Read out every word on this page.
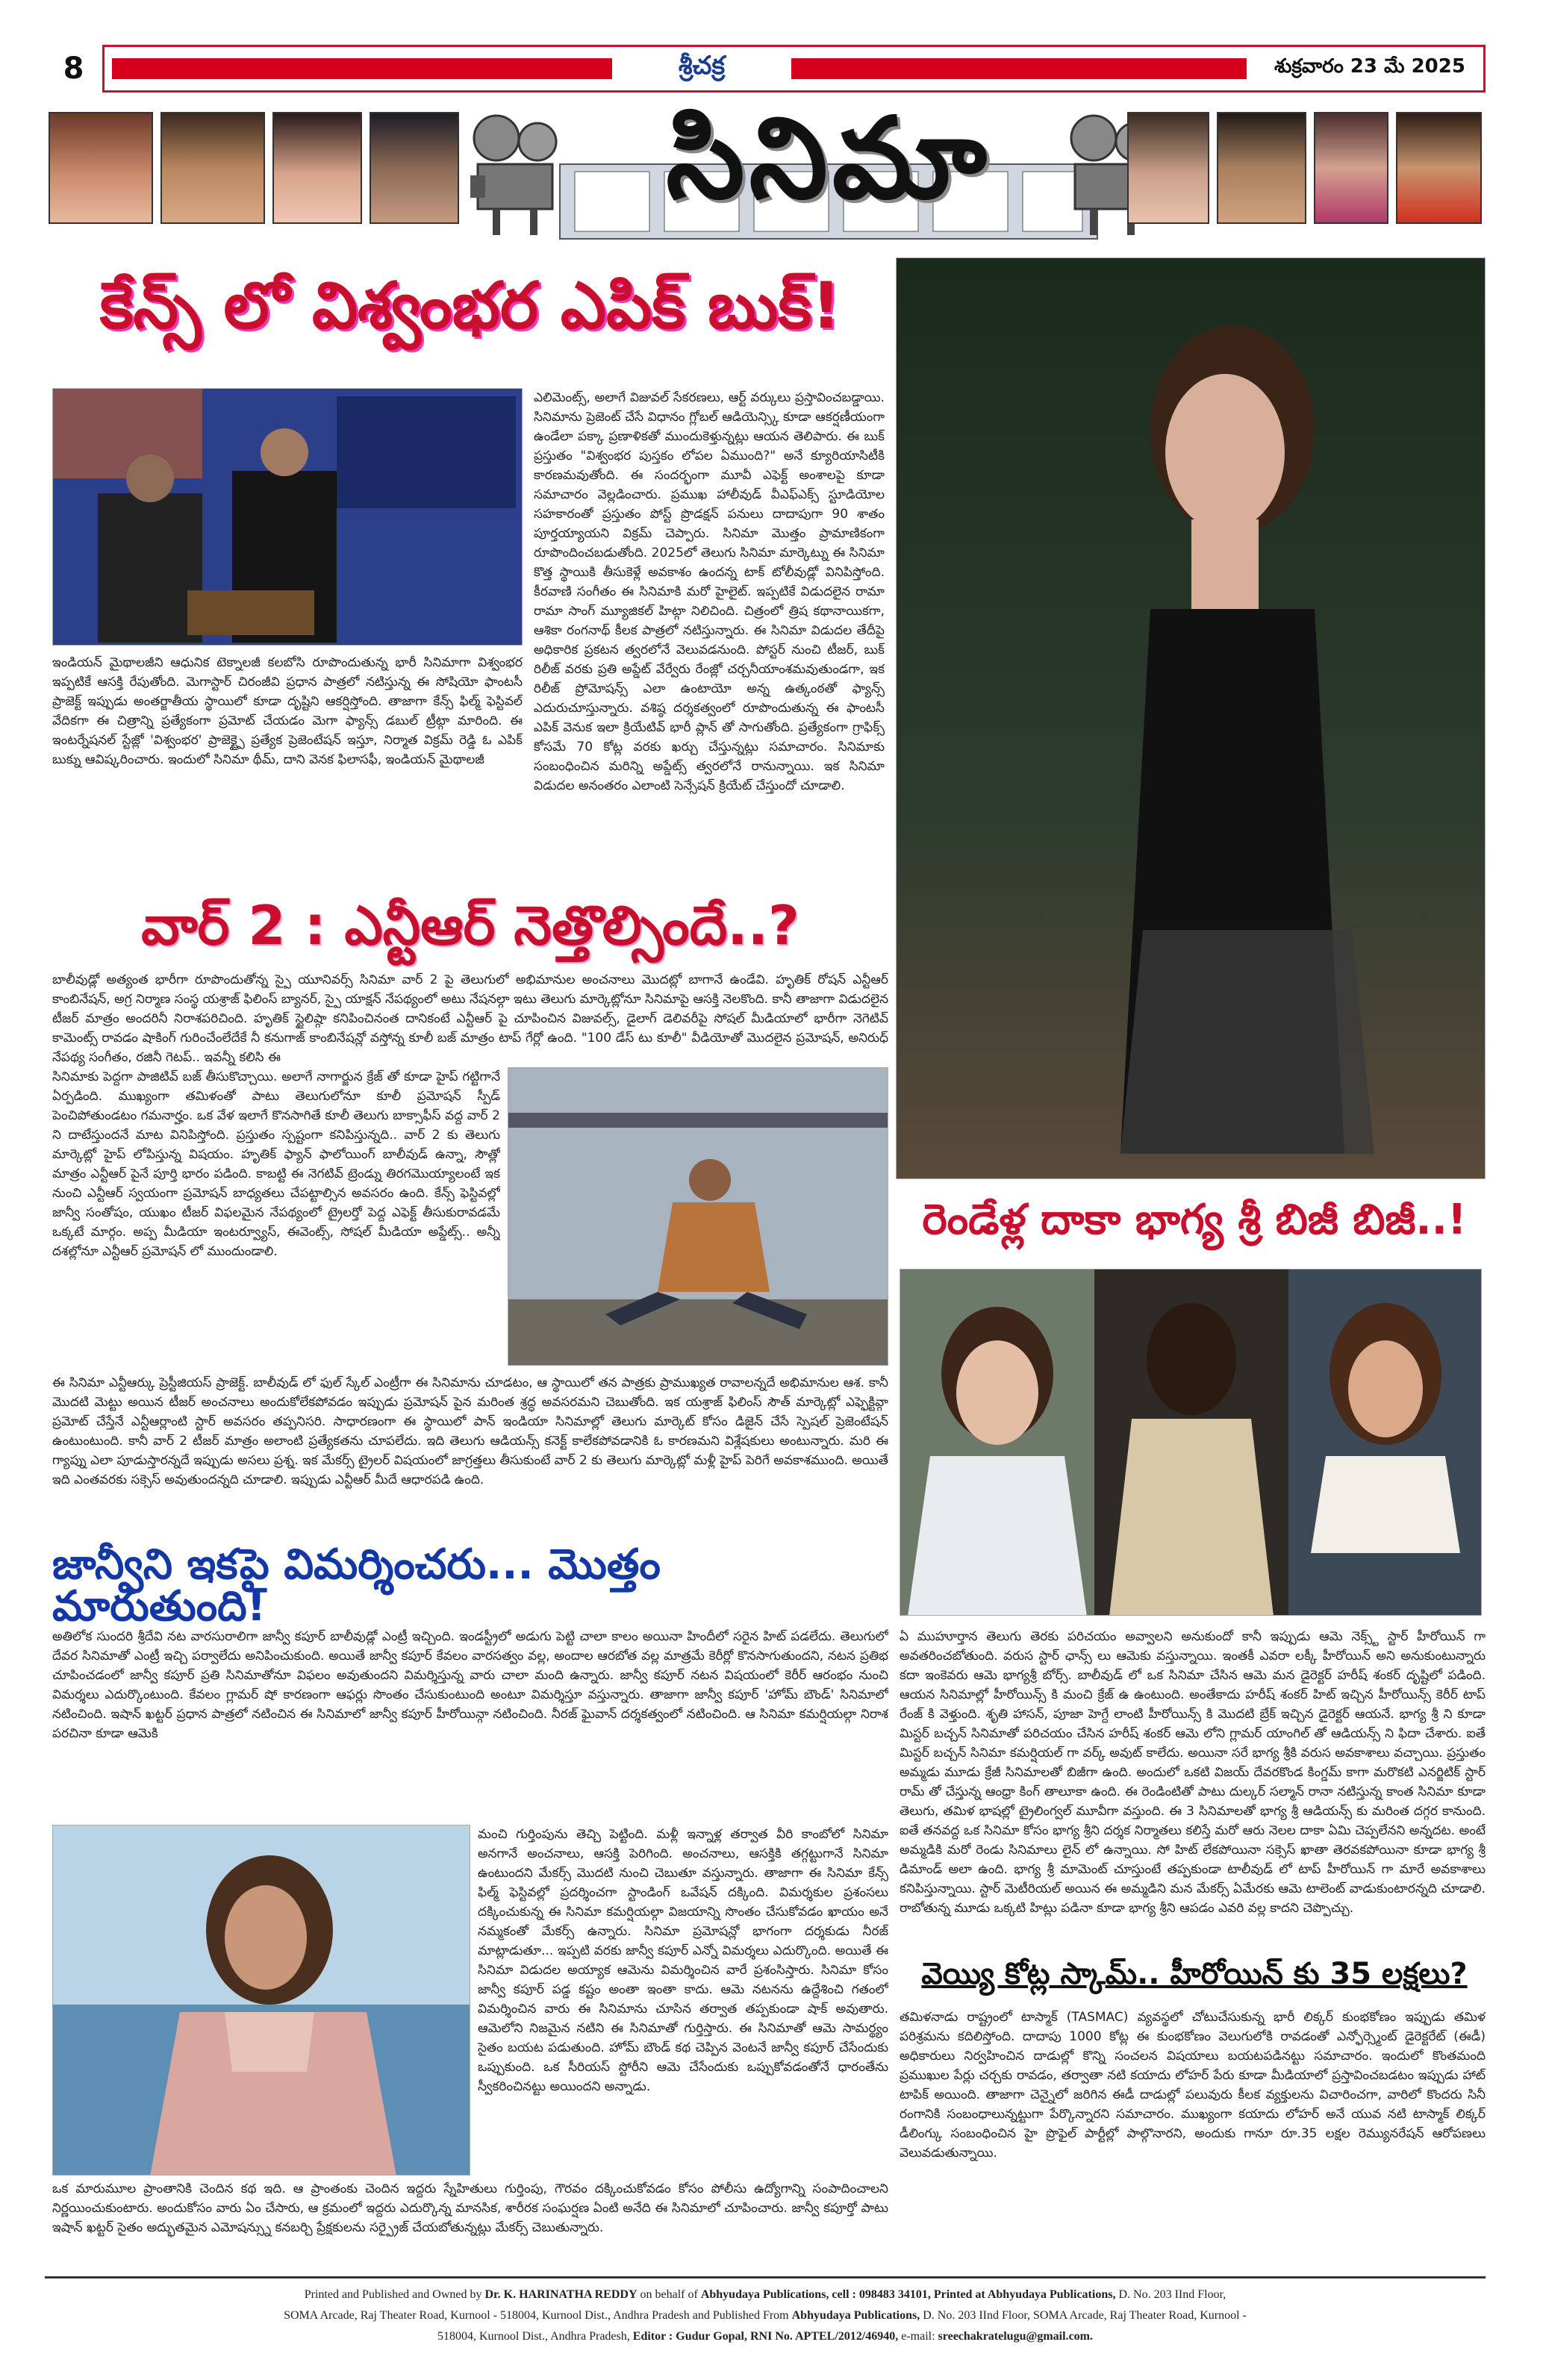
8	శ్రీచక్ర	శుక్రవారం 23 మే 2025
సినిమా
కేన్స్ లో విశ్వంభర ఎపిక్ బుక్!
ఇండియన్ మైథాలజీని ఆధునిక టెక్నాలజీ కలబోసి రూపొందుతున్న భారీ సినిమాగా విశ్వంభర ఇప్పటికే ఆసక్తి రేపుతోంది. మెగాస్టార్ చిరంజీవి ప్రధాన పాత్రలో నటిస్తున్న ఈ సోషియో ఫాంటసీ ప్రాజెక్ట్ ఇప్పుడు అంతర్జాతీయ స్థాయిలో కూడా దృష్టిని ఆకర్షిస్తోంది. తాజాగా కేన్స్ ఫిల్మ్ ఫెస్టివల్ వేదికగా ఈ చిత్రాన్ని ప్రత్యేకంగా ప్రమోట్ చేయడం మెగా ఫ్యాన్స్ డబుల్ ట్రీట్గా మారింది. ఈ ఇంటర్నేషనల్ స్టేజ్లో 'విశ్వంభర' ప్రాజెక్ట్పై ప్రత్యేక ప్రెజెంటేషన్ ఇస్తూ, నిర్మాత విక్రమ్ రెడ్డి ఓ ఎపిక్ బుక్ను ఆవిష్కరించారు. ఇందులో సినిమా థీమ్, దాని వెనక ఫిలాసఫీ, ఇండియన్ మైథాలజీ
ఎలిమెంట్స్, అలాగే విజువల్ సేకరణలు, ఆర్ట్ వర్కులు ప్రస్తావించబడ్డాయి. సినిమాను ప్రెజెంట్ చేసే విధానం గ్లోబల్ ఆడియెన్స్కి కూడా ఆకర్షణీయంగా ఉండేలా పక్కా ప్రణాళికతో ముందుకెళ్తున్నట్లు ఆయన తెలిపారు. ఈ బుక్ ప్రస్తుతం "విశ్వంభర పుస్తకం లోపల ఏముంది?" అనే క్యూరియాసిటీకి కారణమవుతోంది. ఈ సందర్భంగా మూవీ ఎఫెక్ట్ అంశాలపై కూడా సమాచారం వెల్లడించారు. ప్రముఖ హాలీవుడ్ వీఎఫ్ఎక్స్ స్టూడియోల సహకారంతో ప్రస్తుతం పోస్ట్ ప్రొడక్షన్ పనులు దాదాపుగా 90 శాతం పూర్తయ్యాయని విక్రమ్ చెప్పారు. సినిమా మొత్తం ప్రామాణికంగా రూపొందించబడుతోంది. 2025లో తెలుగు సినిమా మార్కెట్ను ఈ సినిమా కొత్త స్థాయికి తీసుకెళ్లే అవకాశం ఉందన్న టాక్ టోలీవుడ్లో వినిపిస్తోంది. కీరవాణి సంగీతం ఈ సినిమాకి మరో హైలైట్. ఇప్పటికే విడుదలైన రామా రామా సాంగ్ మ్యూజికల్ హిట్గా నిలిచింది. చిత్రంలో త్రిష కథానాయికగా, ఆశికా రంగనాథ్ కీలక పాత్రలో నటిస్తున్నారు. ఈ సినిమా విడుదల తేదీపై అధికారిక ప్రకటన త్వరలోనే వెలువడనుంది. పోస్టర్ నుంచి టీజర్, బుక్ రిలీజ్ వరకు ప్రతి అప్డేట్ వేర్వేరు రేంజ్లో చర్చనీయాంశమవుతుండగా, ఇక రిలీజ్ ప్రోమోషన్స్ ఎలా ఉంటాయో అన్న ఉత్కంఠతో ఫ్యాన్స్ ఎదురుచూస్తున్నారు. వశిష్ఠ దర్శకత్వంలో రూపొందుతున్న ఈ ఫాంటసీ ఎపిక్ వెనుక ఇలా క్రియేటివ్ భారీ ప్లాన్ తో సాగుతోంది. ప్రత్యేకంగా గ్రాఫిక్స్ కోసమే 70 కోట్ల వరకు ఖర్చు చేస్తున్నట్లు సమాచారం. సినిమాకు సంబంధించిన మరిన్ని అప్డేట్స్ త్వరలోనే రానున్నాయి. ఇక సినిమా విడుదల అనంతరం ఎలాంటి సెన్సేషన్ క్రియేట్ చేస్తుందో చూడాలి.
వార్ 2 : ఎన్టీఆర్ నెత్తొల్సిందే..?
బాలీవుడ్లో అత్యంత భారీగా రూపొందుతోన్న స్పై యూనివర్స్ సినిమా వార్ 2 పై తెలుగులో అభిమానుల అంచనాలు మొదట్లో బాగానే ఉండేవి. హృతిక్ రోషన్ ఎన్టీఆర్ కాంబినేషన్, అగ్ర నిర్మాణ సంస్థ యశ్రాజ్ ఫిలింస్ బ్యానర్, స్పై యాక్షన్ నేపథ్యంలో అటు నేషనల్గా ఇటు తెలుగు మార్కెట్లోనూ సినిమాపై ఆసక్తి నెలకొంది. కానీ తాజాగా విడుదలైన టీజర్ మాత్రం అందరినీ నిరాశపరిచింది. హృతిక్ స్టైలిష్గా కనిపించినంత దానికంటే ఎన్టీఆర్ పై చూపించిన విజువల్స్, డైలాగ్ డెలివరీపై సోషల్ మీడియాలో భారీగా నెగెటివ్ కామెంట్స్ రావడం షాకింగ్ గురించేంలేదేకే నీ కనుగాజ్ కాంబినేషన్లో వస్తోన్న కూలీ బజ్ మాత్రం టాప్ గేర్లో ఉంది. "100 డేస్ టు కూలీ" వీడియోతో మొదలైన ప్రమోషన్, అనిరుధ్ నేపథ్య సంగీతం, రజినీ గెటప్.. ఇవన్నీ కలిసి ఈ
సినిమాకు పెద్దగా పాజిటివ్ బజ్ తీసుకొచ్చాయి. అలాగే నాగార్జున క్రేజ్ తో కూడా హైప్ గట్టిగానే ఏర్పడింది. ముఖ్యంగా తమిళంతో పాటు తెలుగులోనూ కూలీ ప్రమోషన్ స్పీడ్ పెంచిపోతుండటం గమనార్హం. ఒక వేళ ఇలాగే కొనసాగితే కూలీ తెలుగు బాక్సాఫీస్ వద్ద వార్ 2 ని దాటేస్తుందనే మాట వినిపిస్తోంది. ప్రస్తుతం స్పష్టంగా కనిపిస్తున్నది.. వార్ 2 కు తెలుగు మార్కెట్లో హైప్ లోపిస్తున్న విషయం. హృతిక్ ఫ్యాన్ ఫాలోయింగ్ బాలీవుడ్ ఉన్నా, సౌత్లో మాత్రం ఎన్టీఆర్ పైనే పూర్తి భారం పడింది. కాబట్టి ఈ నెగటివ్ ట్రెండ్ను తిరగమొయ్యాలంటే ఇక నుంచి ఎన్టీఆర్ స్వయంగా ప్రమోషన్ బాధ్యతలు చేపట్టాల్సిన అవసరం ఉంది. కేన్స్ ఫెస్టివల్లో జాన్వీ సంతోషం, యుఖం టీజర్ విఫలమైన నేపథ్యంలో ట్రైలర్తో పెద్ద ఎఫెక్ట్ తీసుకురావడమే ఒక్కటే మార్గం. అప్ప మీడియా ఇంటర్వ్యూస్, ఈవెంట్స్, సోషల్ మీడియా అప్డేట్స్.. అన్నీ దశల్లోనూ ఎన్టీఆర్ ప్రమోషన్ లో ముందుండాలి.
ఈ సినిమా ఎన్టీఆర్కు ప్రెస్టీజియస్ ప్రాజెక్ట్. బాలీవుడ్ లో ఫుల్ స్కేల్ ఎంట్రీగా ఈ సినిమాను చూడటం, ఆ స్థాయిలో తన పాత్రకు ప్రాముఖ్యత రావాలన్నదే అభిమానుల ఆశ. కానీ మొదటి మెట్టు అయిన టీజర్ అంచనాలు అందుకోలేకపోవడం ఇప్పుడు ప్రమోషన్ పైన మరింత శ్రద్ధ అవసరమని చెబుతోంది. ఇక యశ్రాజ్ ఫిలింస్ సౌత్ మార్కెట్లో ఎఫ్ఫెక్టివ్గా ప్రమోట్ చేస్తేనే ఎన్టీఆర్లాంటి స్టార్ అవసరం తప్పనిసరి. సాధారణంగా ఈ స్థాయిలో పాన్ ఇండియా సినిమాల్లో తెలుగు మార్కెట్ కోసం డిజైన్ చేసే స్పెషల్ ప్రెజెంటేషన్ ఉంటుంటుంది. కానీ వార్ 2 టీజర్ మాత్రం అలాంటి ప్రత్యేకతను చూపలేదు. ఇది తెలుగు ఆడియన్స్ కనెక్ట్ కాలేకపోవడానికి ఓ కారణమని విశ్లేషకులు అంటున్నారు. మరి ఈ గ్యాప్ను ఎలా పూడుస్తారన్నదే ఇప్పుడు అసలు ప్రశ్న. ఇక మేకర్స్ ట్రైలర్ విషయంలో జాగ్రత్తలు తీసుకుంటే వార్ 2 కు తెలుగు మార్కెట్లో మళ్లీ హైప్ పెరిగే అవకాశముంది. అయితే ఇది ఎంతవరకు సక్సెస్ అవుతుందన్నది చూడాలి. ఇప్పుడు ఎన్టీఆర్ మీదే ఆధారపడి ఉంది.
జాన్వీని ఇకపై విమర్శించరు... మొత్తం మారుతుంది!
అతిలోక సుందరి శ్రీదేవి నట వారసురాలిగా జాన్వీ కపూర్ బాలీవుడ్లో ఎంట్రీ ఇచ్చింది. ఇండస్ట్రీలో అడుగు పెట్టి చాలా కాలం అయినా హిందీలో సరైన హిట్ పడలేదు. తెలుగులో దేవర సినిమాతో ఎంట్రీ ఇచ్చి పర్వాలేదు అనిపించుకుంది. అయితే జాన్వీ కపూర్ కేవలం వారసత్వం వల్ల, అందాల ఆరబోత వల్ల మాత్రమే కెరీర్లో కొనసాగుతుందని, నటన ప్రతిభ చూపించడంలో జాన్వీ కపూర్ ప్రతి సినిమాతోనూ విఫలం అవుతుందని విమర్శిస్తున్న వారు చాలా మంది ఉన్నారు. జాన్వీ కపూర్ నటన విషయంలో కెరీర్ ఆరంభం నుంచి విమర్శలు ఎదుర్కొంటుంది. కేవలం గ్లామర్ షో కారణంగా ఆఫర్లు సొంతం చేసుకుంటుంది అంటూ విమర్శిస్తూ వస్తున్నారు. తాజాగా జాన్వీ కపూర్ 'హోమ్ బౌండ్' సినిమాలో నటించింది. ఇషాన్ ఖట్టర్ ప్రధాన పాత్రలో నటించిన ఈ సినిమాలో జాన్వీ కపూర్ హీరోయిన్గా నటించింది. నీరజ్ ఘైవాన్ దర్శకత్వంలో నటించింది. ఆ సినిమా కమర్షియల్గా నిరాశ పరచినా కూడా ఆమెకి
మంచి గుర్తింపును తెచ్చి పెట్టింది. మళ్లీ ఇన్నాళ్ల తర్వాత వీరి కాంబోలో సినిమా అనగానే అంచనాలు, ఆసక్తి పెరిగింది. అంచనాలు, ఆసక్తికి తగ్గట్టుగానే సినిమా ఉంటుందని మేకర్స్ మొదటి నుంచి చెబుతూ వస్తున్నారు. తాజాగా ఈ సినిమా కేన్స్ ఫిల్మ్ ఫెస్టివల్లో ప్రదర్శించగా స్టాండింగ్ ఒవేషన్ దక్కింది. విమర్శకుల ప్రశంసలు దక్కించుకున్న ఈ సినిమా కమర్షియల్గా విజయాన్ని సొంతం చేసుకోవడం ఖాయం అనే నమ్మకంతో మేకర్స్ ఉన్నారు. సినిమా ప్రమోషన్లో భాగంగా దర్శకుడు నీరజ్ మాట్లాడుతూ... ఇప్పటి వరకు జాన్వీ కపూర్ ఎన్నో విమర్శలు ఎదుర్కొంది. అయితే ఈ సినిమా విడుదల అయ్యాక ఆమెను విమర్శించిన వారే ప్రశంసిస్తారు. సినిమా కోసం జాన్వీ కపూర్ పడ్డ కష్టం అంతా ఇంతా కాదు. ఆమె నటనను ఉద్దేశించి గతంలో విమర్శించిన వారు ఈ సినిమాను చూసిన తర్వాత తప్పకుండా షాక్ అవుతారు. ఆమెలోని నిజమైన నటిని ఈ సినిమాతో గుర్తిస్తారు. ఈ సినిమాతో ఆమె సామర్థ్యం సైతం బయట పడుతుంది. హోమ్ బౌండ్ కథ చెప్పిన వెంటనే జాన్వీ కపూర్ చేసేందుకు ఒప్పుకుంది. ఒక సీరియస్ స్టోరీని ఆమె చేసేందుకు ఒప్పుకోవడంతోనే ధారంతేను స్వీకరించినట్టు అయిందని అన్నాడు.
ఒక మారుమూల ప్రాంతానికి చెందిన కథ ఇది. ఆ ప్రాంతంకు చెందిన ఇద్దరు స్నేహితులు గుర్తింపు, గౌరవం దక్కించుకోవడం కోసం పోలీసు ఉద్యోగాన్ని సంపాదించాలని నిర్ణయించుకుంటారు. అందుకోసం వారు ఏం చేసారు, ఆ క్రమంలో ఇద్దరు ఎదుర్కొన్న మానసిక, శారీరక సంఘర్షణ ఏంటి అనేది ఈ సినిమాలో చూపించారు. జాన్వీ కపూర్తో పాటు ఇషాన్ ఖట్టర్ సైతం అద్భుతమైన ఎమోషన్స్ను కనబర్చి ప్రేక్షకులను సర్ప్రైజ్ చేయబోతున్నట్లు మేకర్స్ చెబుతున్నారు.
రెండేళ్ల దాకా భాగ్య శ్రీ బిజీ బిజీ..!
ఏ ముహూర్తాన తెలుగు తెరకు పరిచయం అవ్వాలని అనుకుందో కానీ ఇప్పుడు ఆమె నెక్స్ట్ స్టార్ హీరోయిన్ గా అవతరించబోతుంది. వరుస స్టార్ ఛాన్స్ లు ఆమెకు వస్తున్నాయి. ఇంతకీ ఎవరా లక్కీ హీరోయిన్ అని అనుకుంటున్నారు కదా ఇంకెవరు ఆమె భాగ్యశ్రీ బోర్స్. బాలీవుడ్ లో ఒక సినిమా చేసిన ఆమె మన డైరెక్టర్ హరీష్ శంకర్ దృష్టిలో పడింది. ఆయన సినిమాల్లో హీరోయిన్స్ కి మంచి క్రేజ్ ఉ ఉంటుంది. అంతేకాదు హరీష్ శంకర్ హిట్ ఇచ్చిన హీరోయిన్స్ కెరీర్ టాప్ రేంజ్ కి వెళ్తుంది. శృతి హాసన్, పూజా హెగ్దే లాంటి హీరోయిన్స్ కి మొదటి బ్రేక్ ఇచ్చిన డైరెక్టర్ ఆయనే. భాగ్య శ్రీ ని కూడా మిస్టర్ బచ్చన్ సినిమాతో పరిచయం చేసిన హరీష్ శంకర్ ఆమె లోని గ్లామర్ యాంగిల్ తో ఆడియన్స్ ని ఫిదా చేశారు. ఐతే మిస్టర్ బచ్చన్ సినిమా కమర్షియల్ గా వర్క్ అవుట్ కాలేదు. అయినా సరే భాగ్య శ్రీకి వరుస అవకాశాలు వచ్చాయి. ప్రస్తుతం అమ్మడు మూడు క్రేజీ సినిమాలతో బిజీగా ఉంది. అందులో ఒకటి విజయ్ దేవరకొండ కింగ్డమ్ కాగా మరొకటి ఎనర్జిటిక్ స్టార్ రామ్ తో చేస్తున్న ఆంధ్రా కింగ్ తాలూకా ఉంది. ఈ రెండింటితో పాటు దుల్కర్ సల్మాన్ రానా నటిస్తున్న కాంత సినిమా కూడా తెలుగు, తమిళ భాషల్లో ట్రైలింగ్వల్ మూవీగా వస్తుంది. ఈ 3 సినిమాలతో భాగ్య శ్రీ ఆడియన్స్ కు మరింత దగ్గర కానుంది. ఐతే తనవద్ద ఒక సినిమా కోసం భాగ్య శ్రీని దర్శక నిర్మాతలు కలిస్తే మరో ఆరు నెలల దాకా ఏమి చెప్పలేనని అన్నదట. అంటే అమ్మడికి మరో రెండు సినిమాలు లైన్ లో ఉన్నాయి. సో హిట్ లేకపోయినా సక్సెస్ ఖాతా తెరవకపోయినా కూడా భాగ్య శ్రీ డిమాండ్ అలా ఉంది. భాగ్య శ్రీ మామెంట్ చూస్తుంటే తప్పకుండా టాలీవుడ్ లో టాప్ హీరోయిన్ గా మారే అవకాశాలు కనిపిస్తున్నాయి. స్టార్ మెటీరియల్ అయిన ఈ అమ్మడిని మన మేకర్స్ ఏమేరకు ఆమె టాలెంట్ వాడుకుంటారన్నది చూడాలి. రాబోతున్న మూడు ఒక్కటి హిట్లు పడినా కూడా భాగ్య శ్రీని ఆపడం ఎవరి వల్ల కాదని చెప్పొచ్చు.
వెయ్యి కోట్ల స్కామ్.. హీరోయిన్ కు 35 లక్షలు?
తమిళనాడు రాష్ట్రంలో టాస్మాక్ (TASMAC) వ్యవస్థలో చోటుచేసుకున్న భారీ లిక్కర్ కుంభకోణం ఇప్పుడు తమిళ పరిశ్రమను కదిలిస్తోంది. దాదాపు 1000 కోట్ల ఈ కుంభకోణం వెలుగులోకి రావడంతో ఎన్ఫోర్స్మెంట్ డైరెక్టరేట్ (ఈడీ) అధికారులు నిర్వహించిన దాడుల్లో కొన్ని సంచలన విషయాలు బయటపడినట్టు సమాచారం. ఇందులో కొంతమంది ప్రముఖుల పేర్లు చర్చకు రావడం, తర్వాతా నటి కయాదు లోహర్ పేరు కూడా మీడియాలో ప్రస్తావించబడటం ఇప్పుడు హాట్ టాపిక్ అయింది. తాజాగా చెన్నైలో జరిగిన ఈడీ దాడుల్లో పలువురు కీలక వ్యక్తులను విచారించగా, వారిలో కొందరు సినీ రంగానికి సంబంధాలున్నట్టుగా పేర్కొన్నారని సమాచారం. ముఖ్యంగా కయాదు లోహర్ అనే యువ నటి టాస్మాక్ లిక్కర్ డీలింగ్కు సంబంధించిన హై ప్రొఫైల్ పార్టీల్లో పాల్గొనారని, అందుకు గానూ రూ.35 లక్షల రెమ్యునరేషన్ ఆరోపణలు వెలువడుతున్నాయి.
Printed and Published and Owned by Dr. K. HARINATHA REDDY on behalf of Abhyudaya Publications, cell : 098483 34101, Printed at Abhyudaya Publications, D. No. 203 IInd Floor,
SOMA Arcade, Raj Theater Road, Kurnool - 518004, Kurnool Dist., Andhra Pradesh and Published From Abhyudaya Publications, D. No. 203 IInd Floor, SOMA Arcade, Raj Theater Road, Kurnool -
518004, Kurnool Dist., Andhra Pradesh, Editor : Gudur Gopal, RNI No. APTEL/2012/46940, e-mail: sreechakratelugu@gmail.com.
